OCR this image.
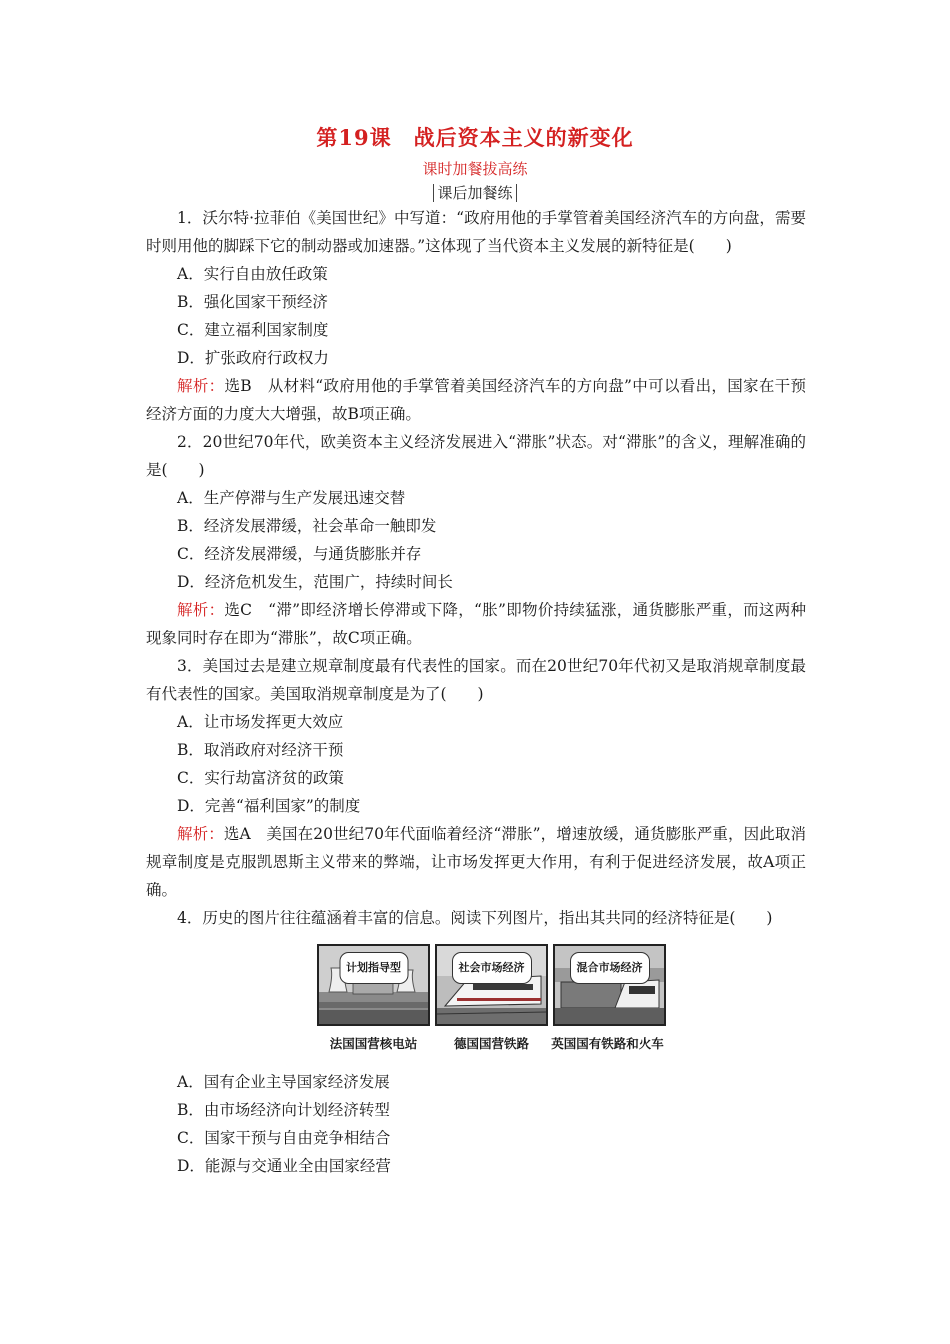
第19课 战后资本主义的新变化
课时加餐拔高练
课后加餐练

1．沃尔特·拉菲伯《美国世纪》中写道：“政府用他的手掌管着美国经济汽车的方向盘，需要时则用他的脚踩下它的制动器或加速器。”这体现了当代资本主义发展的新特征是(　　)

A．实行自由放任政策

B．强化国家干预经济

C．建立福利国家制度

D．扩张政府行政权力

解析：选B　从材料“政府用他的手掌管着美国经济汽车的方向盘”中可以看出，国家在干预经济方面的力度大大增强，故B项正确。

2．20世纪70年代，欧美资本主义经济发展进入“滞胀”状态。对“滞胀”的含义，理解准确的是(　　)

A．生产停滞与生产发展迅速交替

B．经济发展滞缓，社会革命一触即发

C．经济发展滞缓，与通货膨胀并存

D．经济危机发生，范围广，持续时间长

解析：选C　“滞”即经济增长停滞或下降，“胀”即物价持续猛涨，通货膨胀严重，而这两种现象同时存在即为“滞胀”，故C项正确。

3．美国过去是建立规章制度最有代表性的国家。而在20世纪70年代初又是取消规章制度最有代表性的国家。美国取消规章制度是为了(　　)

A．让市场发挥更大效应

B．取消政府对经济干预

C．实行劫富济贫的政策

D．完善“福利国家”的制度

解析：选A　美国在20世纪70年代面临着经济“滞胀”，增速放缓，通货膨胀严重，因此取消规章制度是克服凯恩斯主义带来的弊端，让市场发挥更大作用，有利于促进经济发展，故A项正确。

4．历史的图片往往蕴涵着丰富的信息。阅读下列图片，指出其共同的经济特征是(　　)

计划指导型
法国国营核电站
社会市场经济
德国国营铁路
混合市场经济
英国国有铁路和火车

A．国有企业主导国家经济发展

B．由市场经济向计划经济转型

C．国家干预与自由竞争相结合

D．能源与交通业全由国家经营
